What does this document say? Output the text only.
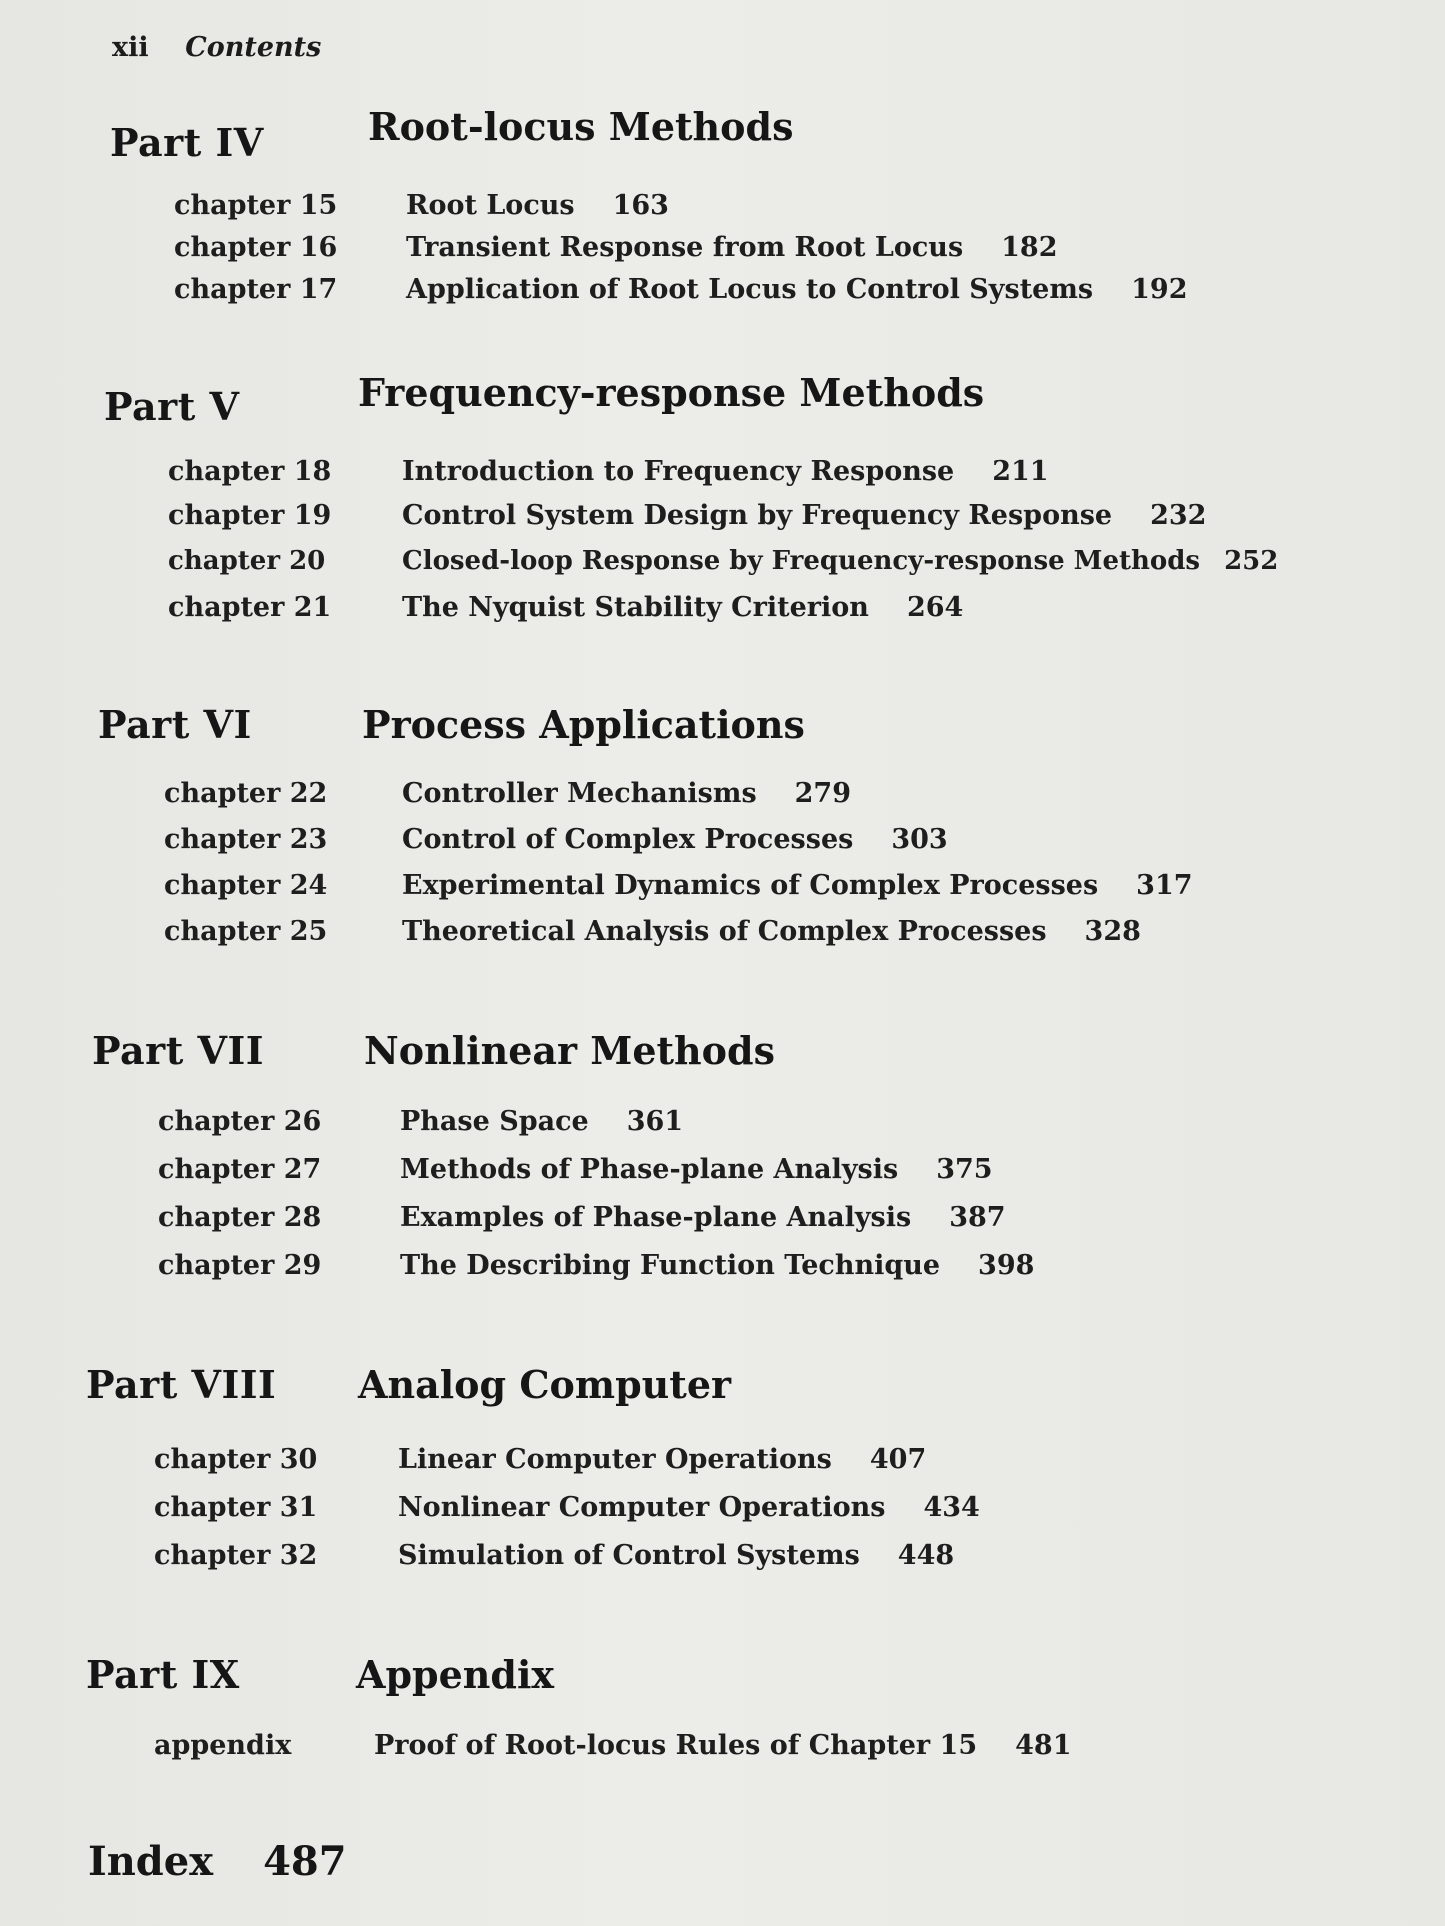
xii Contents
Part IV	Root-locus Methods
chapter 15	Root Locus 163
chapter 16	Transient Response from Root Locus 182
chapter 17	Application of Root Locus to Control Systems 192
Part V	Frequency-response Methods
chapter 18	Introduction to Frequency Response 211
chapter 19	Control System Design by Frequency Response 232
chapter 20	Closed-loop Response by Frequency-response Methods 252
chapter 21	The Nyquist Stability Criterion 264
Part VI	Process Applications
chapter 22	Controller Mechanisms 279
chapter 23	Control of Complex Processes 303
chapter 24	Experimental Dynamics of Complex Processes 317
chapter 25	Theoretical Analysis of Complex Processes 328
Part VII	Nonlinear Methods
chapter 26	Phase Space 361
chapter 27	Methods of Phase-plane Analysis 375
chapter 28	Examples of Phase-plane Analysis 387
chapter 29	The Describing Function Technique 398
Part VIII Analog Computer
chapter 30	Linear Computer Operations 407
chapter 31	Nonlinear Computer Operations 434
chapter 32	Simulation of Control Systems 448
Part IX	Appendix
appendix	Proof of Root-locus Rules of Chapter 15 481
Index 487
